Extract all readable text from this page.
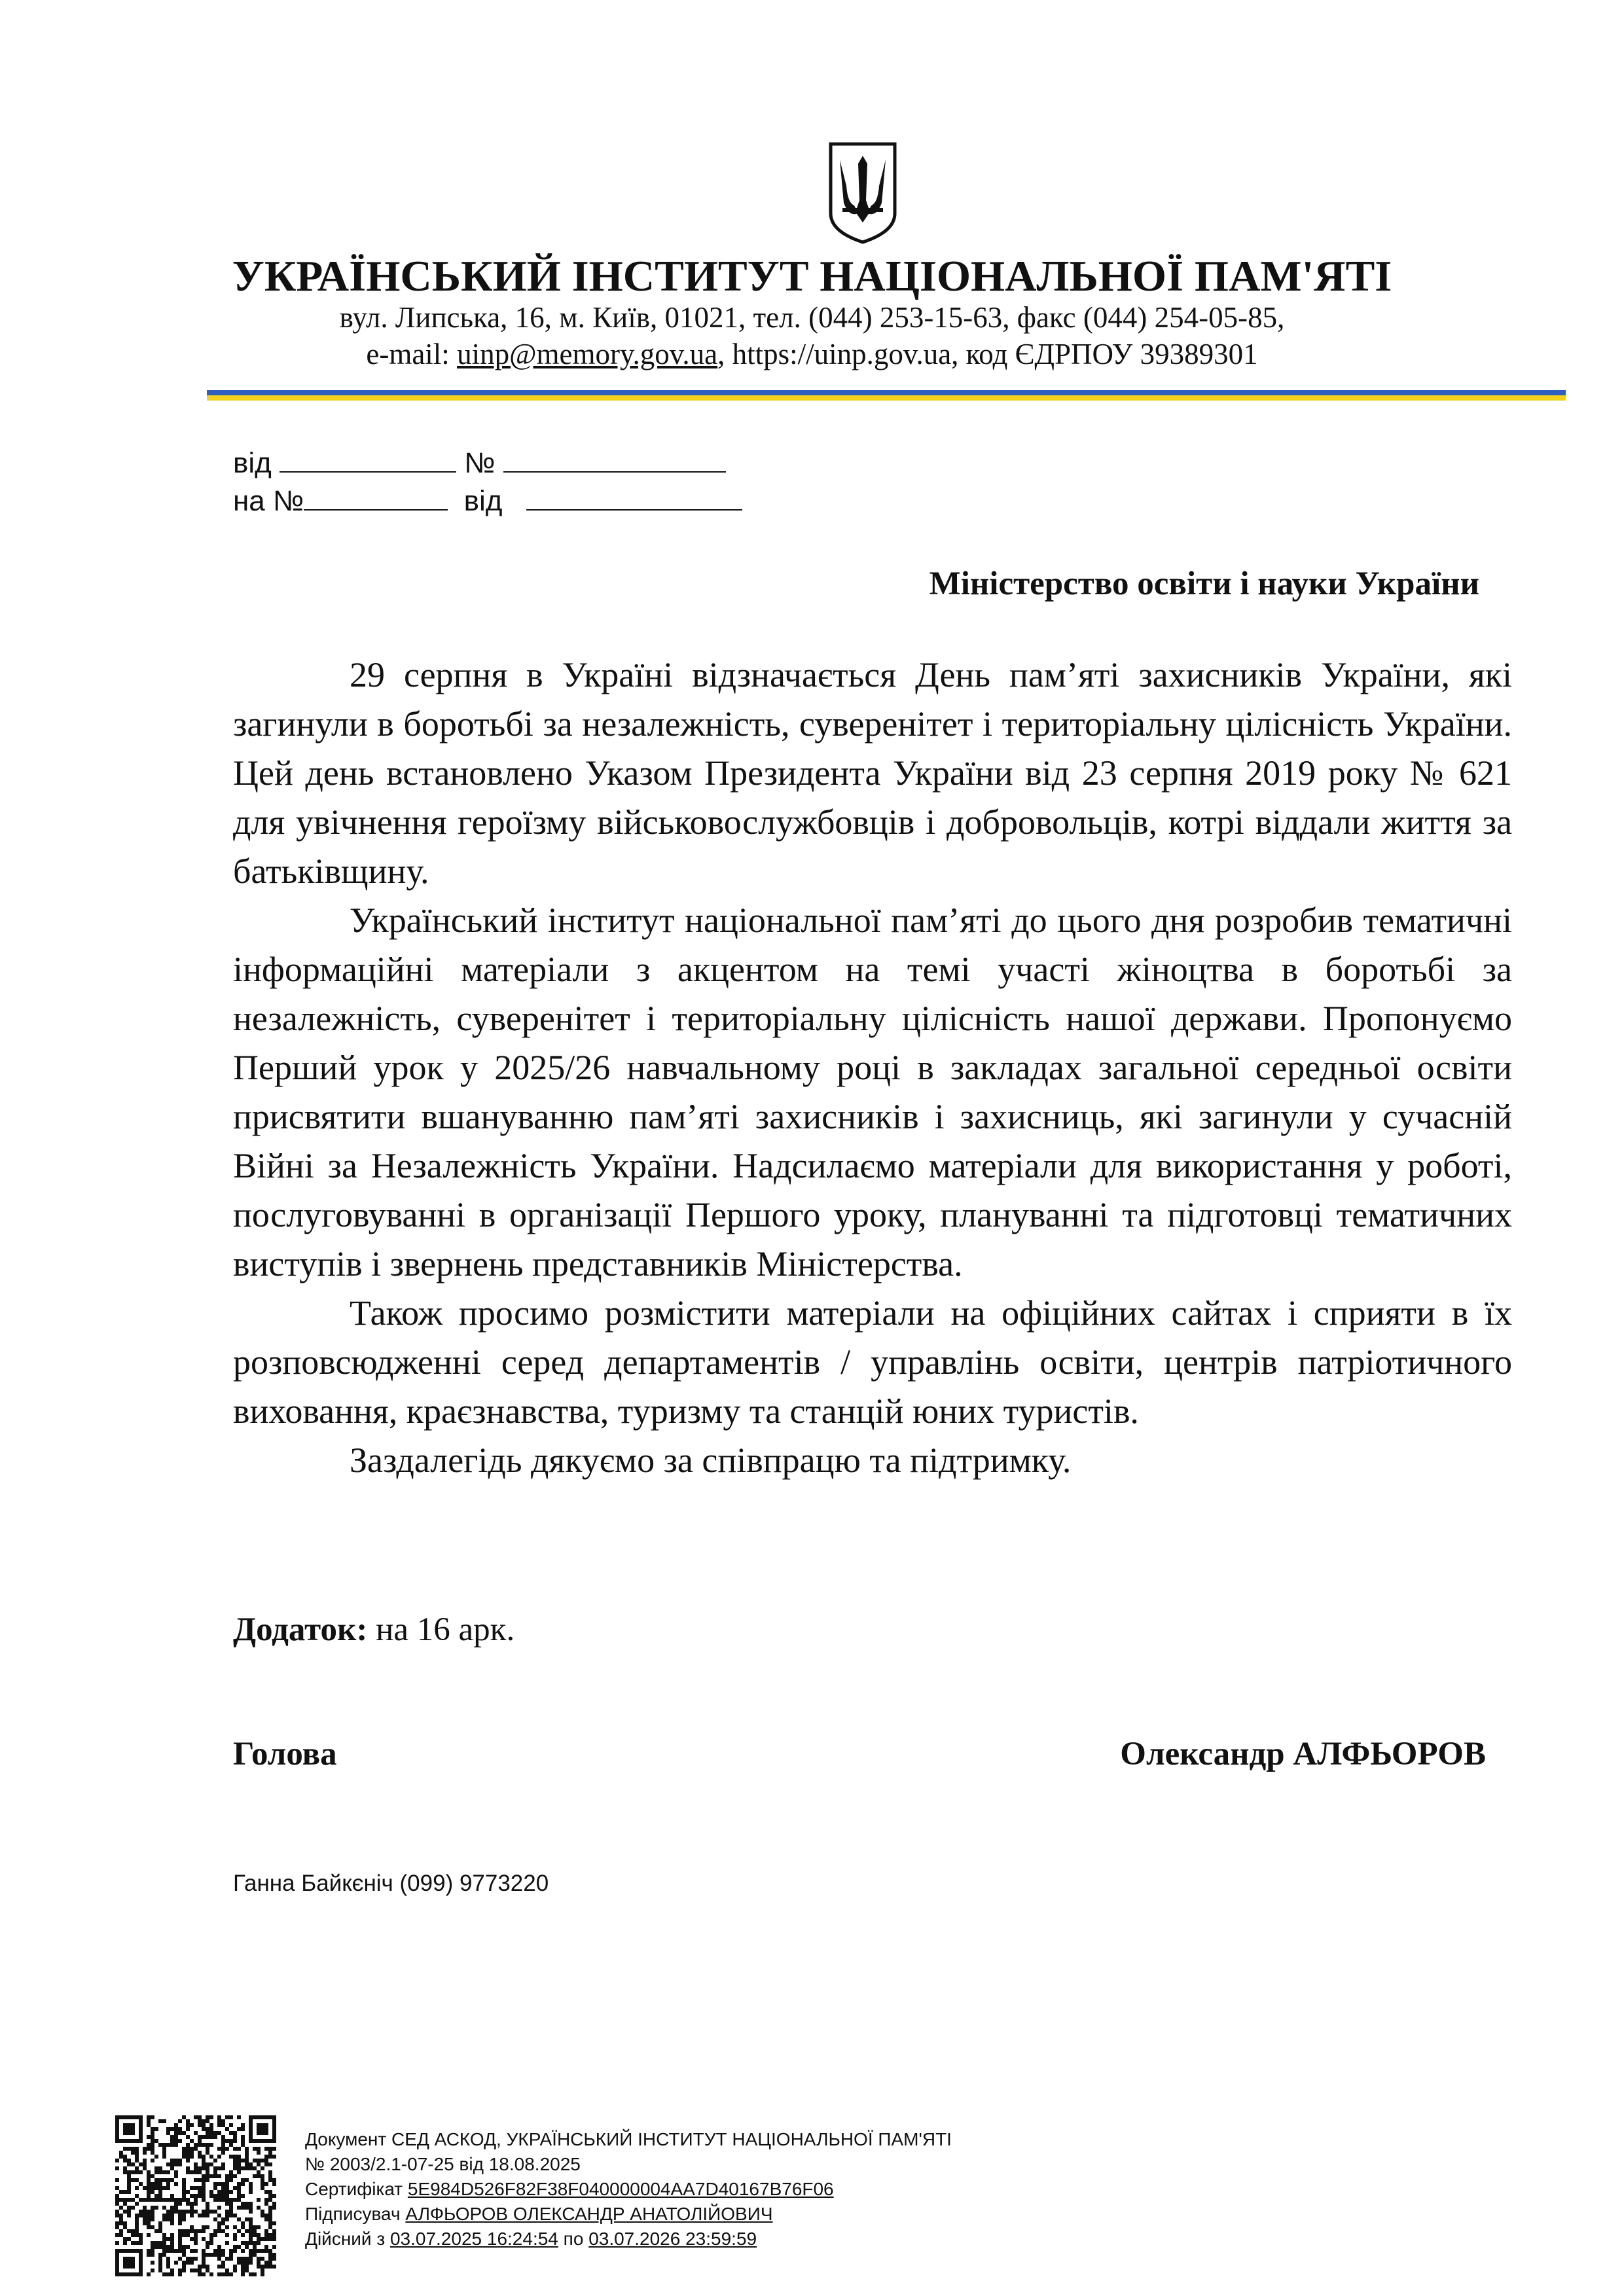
УКРАЇНСЬКИЙ ІНСТИТУТ НАЦІОНАЛЬНОЇ ПАМ'ЯТІ
вул. Липська, 16, м. Київ, 01021, тел. (044) 253-15-63, факс (044) 254-05-85,
e-mail: uinp@memory.gov.ua, https://uinp.gov.ua, код ЄДРПОУ 39389301
від	№
на №	від
Міністерство освіти і науки України

29 серпня в Україні відзначається День пам’яті захисників України, які загинули в боротьбі за незалежність, суверенітет і територіальну цілісність України. Цей день встановлено Указом Президента України від 23 серпня 2019 року № 621 для увічнення героїзму військовослужбовців і добровольців, котрі віддали життя за батьківщину.

Український інститут національної пам’яті до цього дня розробив тематичні інформаційні матеріали з акцентом на темі участі жіноцтва в боротьбі за незалежність, суверенітет і територіальну цілісність нашої держави. Пропонуємо Перший урок у 2025/26 навчальному році в закладах загальної середньої освіти присвятити вшануванню пам’яті захисників і захисниць, які загинули у сучасній Війні за Незалежність України. Надсилаємо матеріали для використання у роботі, послуговуванні в організації Першого уроку, плануванні та підготовці тематичних виступів і звернень представників Міністерства.

Також просимо розмістити матеріали на офіційних сайтах і сприяти в їх розповсюдженні серед департаментів / управлінь освіти, центрів патріотичного виховання, краєзнавства, туризму та станцій юних туристів.

Заздалегідь дякуємо за співпрацю та підтримку.

Додаток: на 16 арк.
Голова	Олександр АЛФЬОРОВ
Ганна Байкєніч (099) 9773220
Документ СЕД АСКОД, УКРАЇНСЬКИЙ ІНСТИТУТ НАЦІОНАЛЬНОЇ ПАМ'ЯТІ
№ 2003/2.1-07-25 від 18.08.2025
Сертифікат 5E984D526F82F38F040000004AA7D40167B76F06
Підписувач АЛФЬОРОВ ОЛЕКСАНДР АНАТОЛІЙОВИЧ
Дійсний з 03.07.2025 16:24:54 по 03.07.2026 23:59:59
